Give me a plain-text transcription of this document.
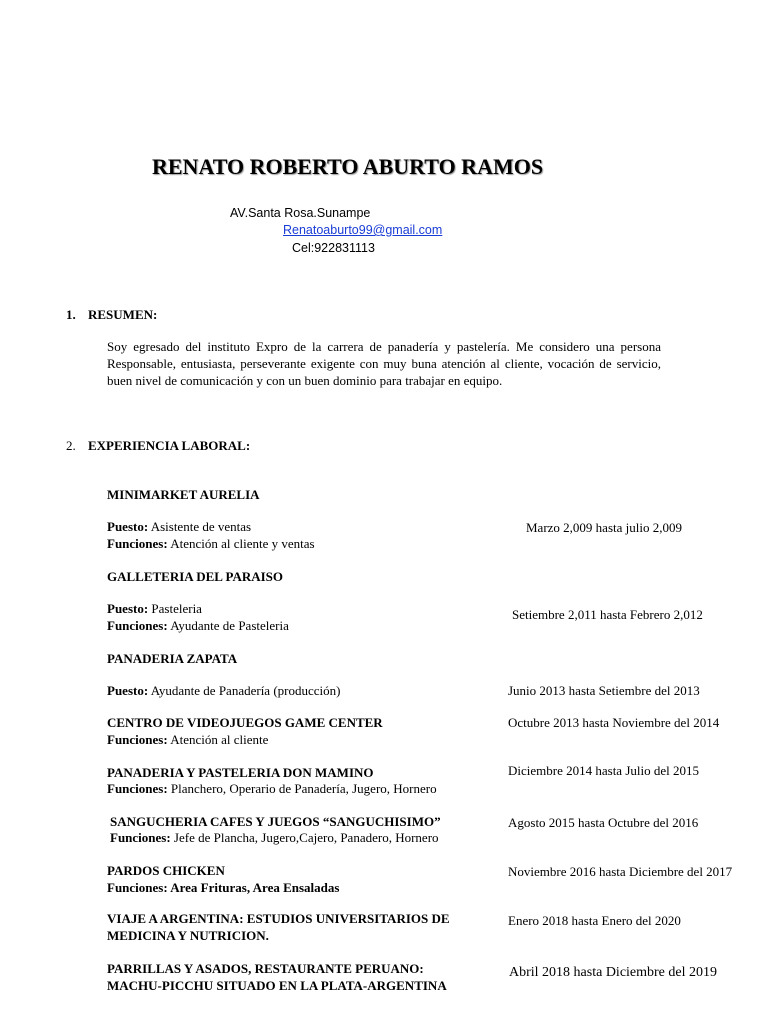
RENATO ROBERTO ABURTO RAMOS
AV.Santa Rosa.Sunampe
Renatoaburto99@gmail.com
Cel:922831113
1. RESUMEN:
Soy egresado del instituto Expro de la carrera de panadería y pastelería. Me considero una persona Responsable, entusiasta, perseverante exigente con muy buna atención al cliente, vocación de servicio, buen nivel de comunicación y con un buen dominio para trabajar en equipo.
2. EXPERIENCIA LABORAL:
MINIMARKET AURELIA
Puesto: Asistente de ventas
Funciones: Atención al cliente y ventas
Marzo 2,009 hasta julio 2,009
GALLETERIA DEL PARAISO
Puesto: Pasteleria
Funciones: Ayudante de Pasteleria
Setiembre 2,011 hasta Febrero 2,012
PANADERIA ZAPATA
Puesto: Ayudante de Panadería (producción)	Junio 2013 hasta Setiembre del 2013
CENTRO DE VIDEOJUEGOS GAME CENTER
Funciones: Atención al cliente
Octubre 2013 hasta Noviembre del 2014
PANADERIA Y PASTELERIA DON MAMINO
Funciones: Planchero, Operario de Panadería, Jugero, Hornero
Diciembre 2014 hasta Julio del 2015
SANGUCHERIA CAFES Y JUEGOS “SANGUCHISIMO”
Funciones: Jefe de Plancha, Jugero,Cajero, Panadero, Hornero
Agosto 2015 hasta Octubre del 2016
PARDOS CHICKEN
Funciones: Area Frituras, Area Ensaladas
Noviembre 2016 hasta Diciembre del 2017
VIAJE A ARGENTINA: ESTUDIOS UNIVERSITARIOS DE
MEDICINA Y NUTRICION.
Enero 2018 hasta Enero del 2020
PARRILLAS Y ASADOS, RESTAURANTE PERUANO:
MACHU-PICCHU SITUADO EN LA PLATA-ARGENTINA
Abril 2018 hasta Diciembre del 2019
